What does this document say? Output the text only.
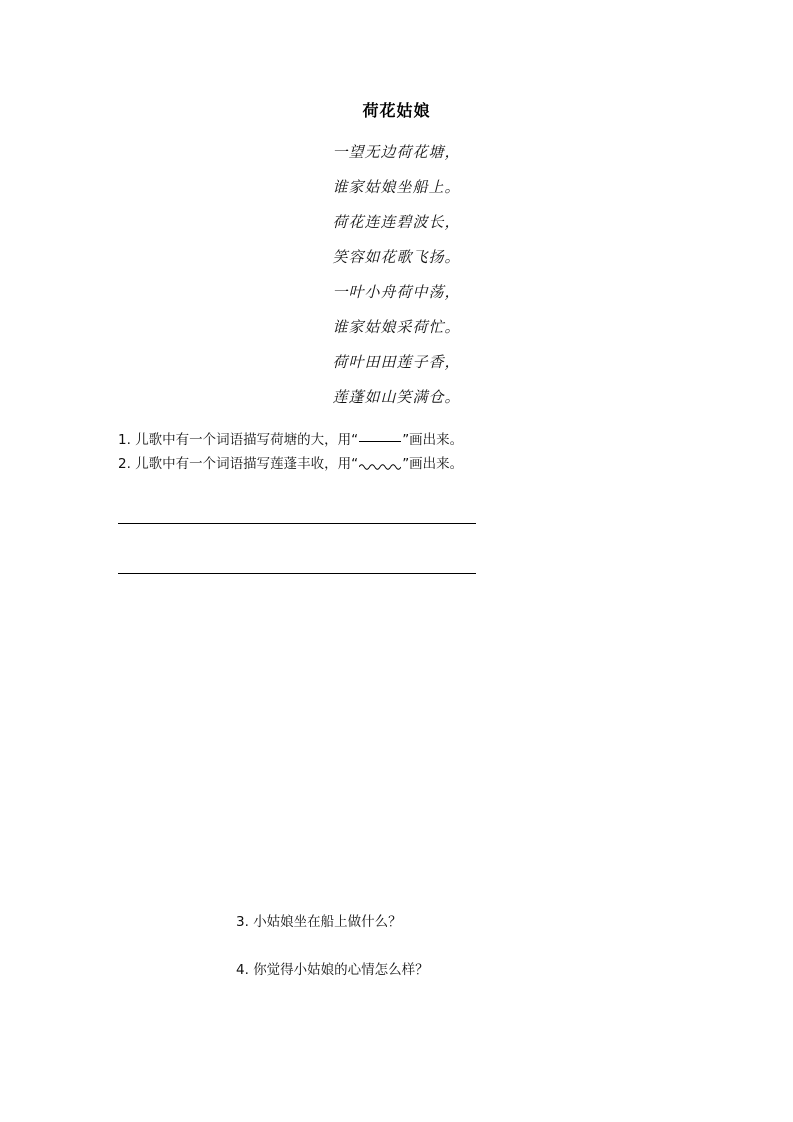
荷花姑娘
一望无边荷花塘，
谁家姑娘坐船上。
荷花连连碧波长，
笑容如花歌飞扬。
一叶小舟荷中荡，
谁家姑娘采荷忙。
荷叶田田莲子香，
莲蓬如山笑满仓。
1. 儿歌中有一个词语描写荷塘的大，用“	”画出来。
2. 儿歌中有一个词语描写莲蓬丰收，用“	”画出来。
3. 小姑娘坐在船上做什么？
4. 你觉得小姑娘的心情怎么样？
